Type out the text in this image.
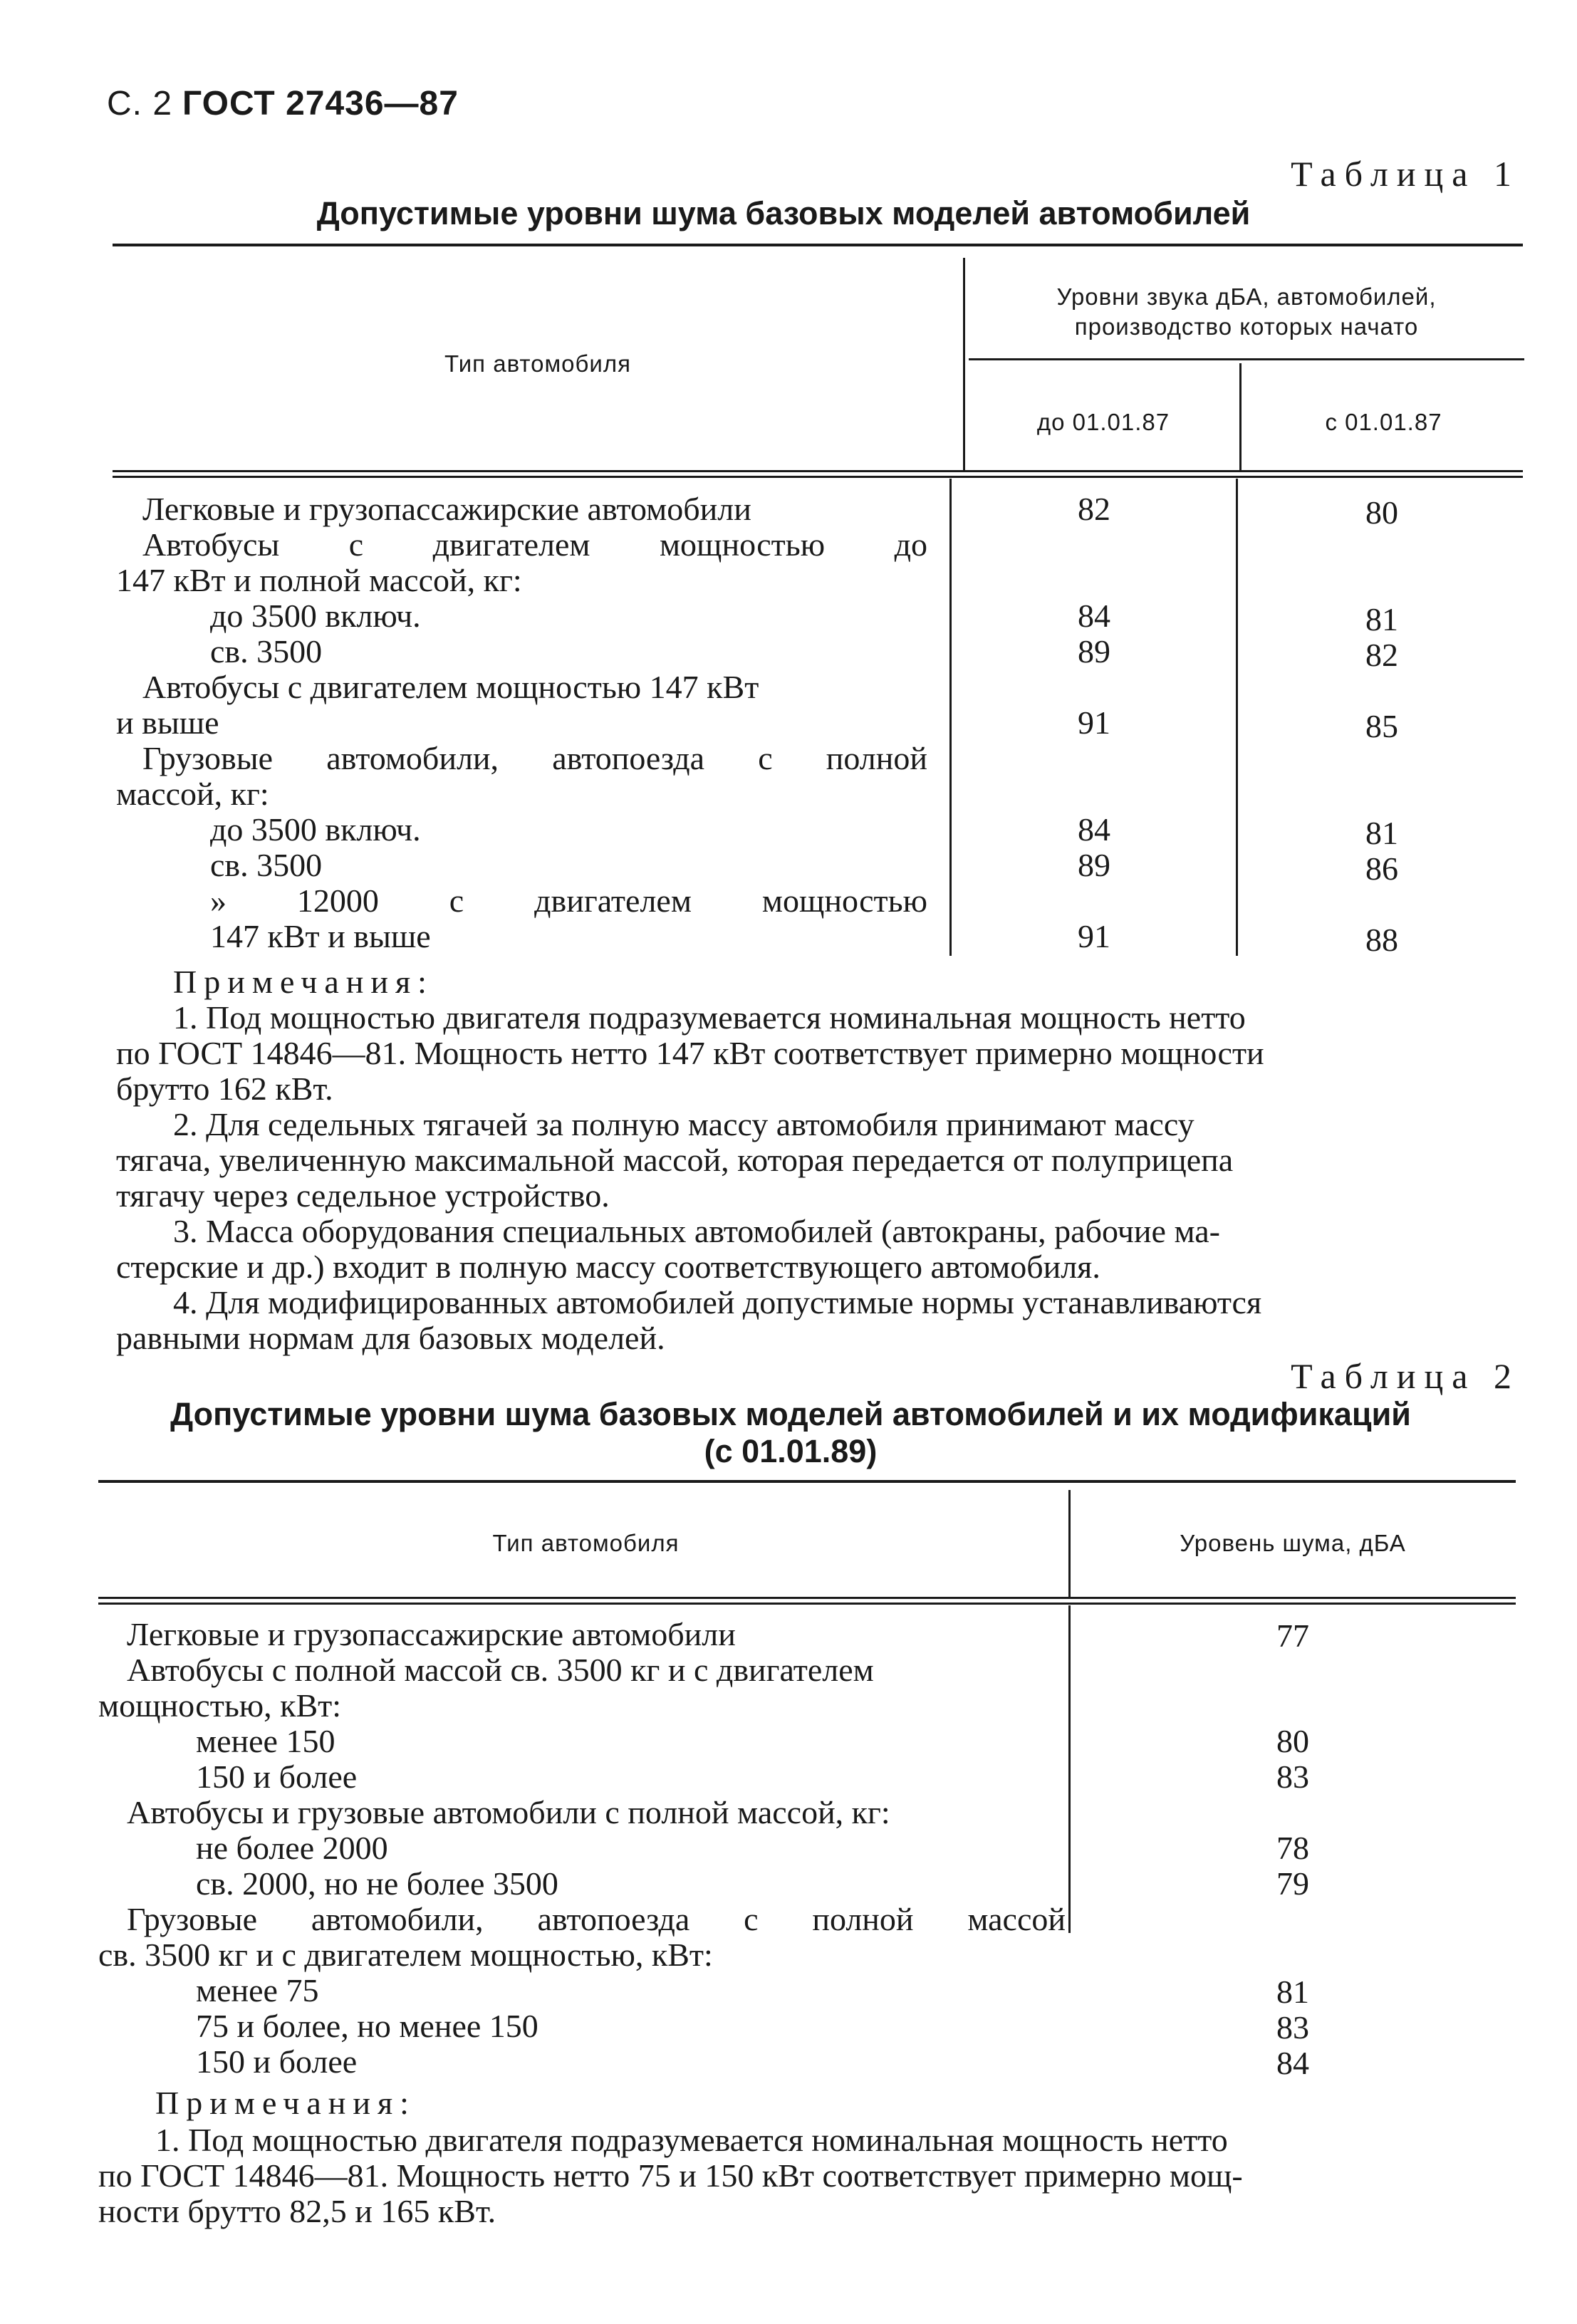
С. 2 ГОСТ 27436—87
Таблица 1
Допустимые уровни шума базовых моделей автомобилей
Тип автомобиля
Уровни звука дБА, автомобилей,
производство которых начато
до 01.01.87	с 01.01.87
Легковые и грузопассажирские автомобили
Автобусы с двигателем мощностью до
147 кВт и полной массой, кг:
до 3500 включ.
св. 3500
Автобусы с двигателем мощностью 147 кВт
и выше
Грузовые автомобили, автопоезда с полной
массой, кг:
до 3500 включ.
св. 3500
» 12000 с двигателем мощностью
147 кВт и выше
82
84
89
91
84
89
91
80
81
82
85
81
86
88
Примечания:
1. Под мощностью двигателя подразумевается номинальная мощность нетто
по ГОСТ 14846—81. Мощность нетто 147 кВт соответствует примерно мощности
брутто 162 кВт.
2. Для седельных тягачей за полную массу автомобиля принимают массу
тягача, увеличенную максимальной массой, которая передается от полуприцепа
тягачу через седельное устройство.
3. Масса оборудования специальных автомобилей (автокраны, рабочие ма-
стерские и др.) входит в полную массу соответствующего автомобиля.
4. Для модифицированных автомобилей допустимые нормы устанавливаются
равными нормам для базовых моделей.
Таблица 2
Допустимые уровни шума базовых моделей автомобилей и их модификаций
(с 01.01.89)
Тип автомобиля	Уровень шума, дБА
Легковые и грузопассажирские автомобили
Автобусы с полной массой св. 3500 кг и с двигателем
мощностью, кВт:
менее 150
150 и более
Автобусы и грузовые автомобили с полной массой, кг:
не более 2000
св. 2000, но не более 3500
Грузовые автомобили, автопоезда с полной массой
св. 3500 кг и с двигателем мощностью, кВт:
менее 75
75 и более, но менее 150
150 и более
77
80
83
78
79
81
83
84
Примечания:
1. Под мощностью двигателя подразумевается номинальная мощность нетто
по ГОСТ 14846—81. Мощность нетто 75 и 150 кВт соответствует примерно мощ-
ности брутто 82,5 и 165 кВт.
